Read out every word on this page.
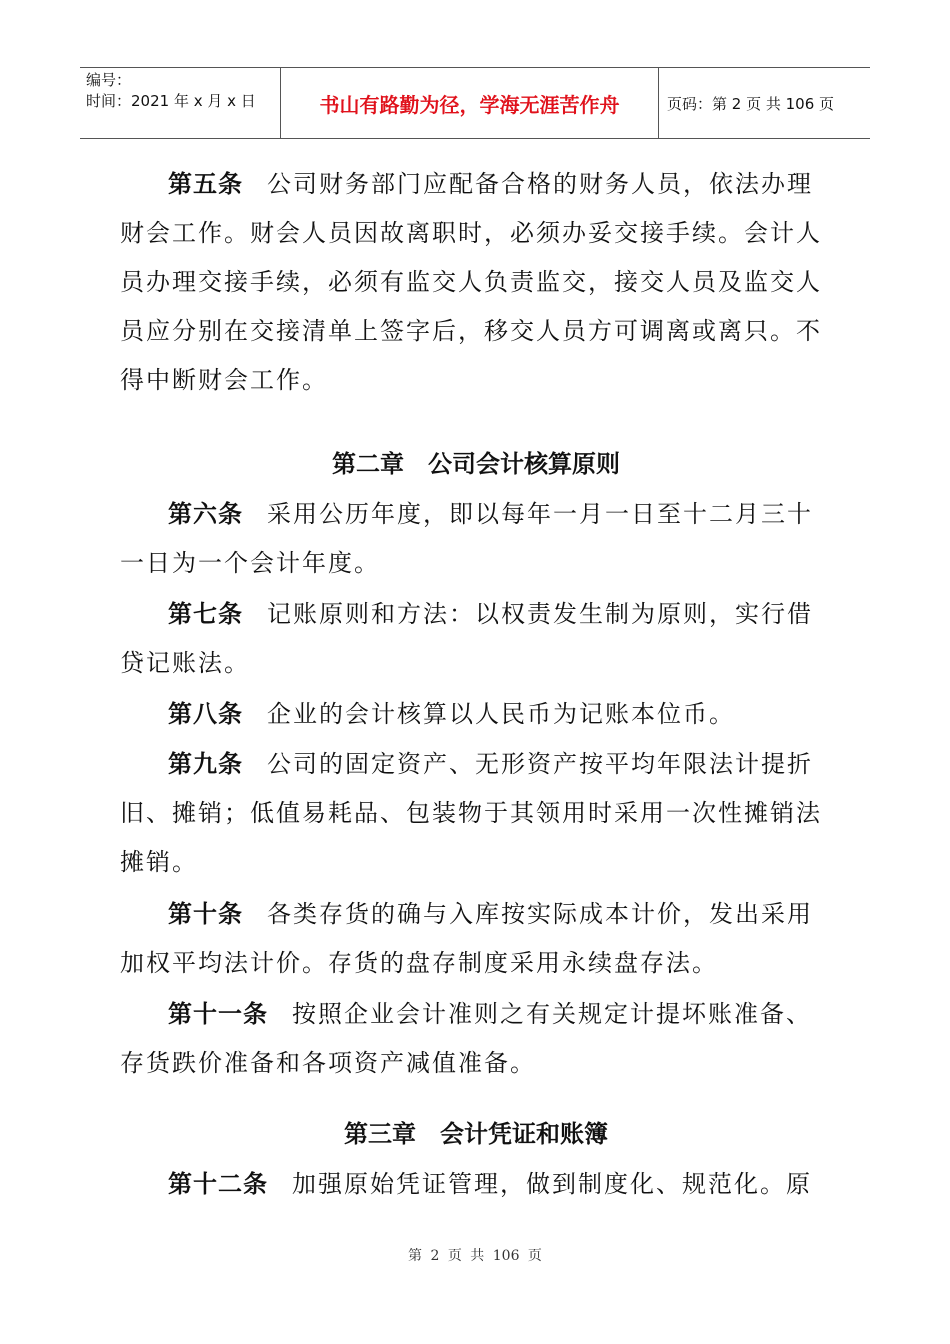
编号：
时间：2021 年 x 月 x 日	书山有路勤为径，学海无涯苦作舟	页码：第 2 页 共 106 页

第五条 公司财务部门应配备合格的财务人员，依法办理

财会工作。财会人员因故离职时，必须办妥交接手续。会计人

员办理交接手续，必须有监交人负责监交，接交人员及监交人

员应分别在交接清单上签字后，移交人员方可调离或离只。不

得中断财会工作。

第二章　公司会计核算原则

第六条 采用公历年度，即以每年一月一日至十二月三十

一日为一个会计年度。

第七条 记账原则和方法：以权责发生制为原则，实行借

贷记账法。

第八条 企业的会计核算以人民币为记账本位币。

第九条 公司的固定资产、无形资产按平均年限法计提折

旧、摊销；低值易耗品、包装物于其领用时采用一次性摊销法

摊销。

第十条 各类存货的确与入库按实际成本计价，发出采用

加权平均法计价。存货的盘存制度采用永续盘存法。

第十一条 按照企业会计准则之有关规定计提坏账准备、

存货跌价准备和各项资产减值准备。

第三章　会计凭证和账簿

第十二条 加强原始凭证管理，做到制度化、规范化。原

第 2 页 共 106 页
